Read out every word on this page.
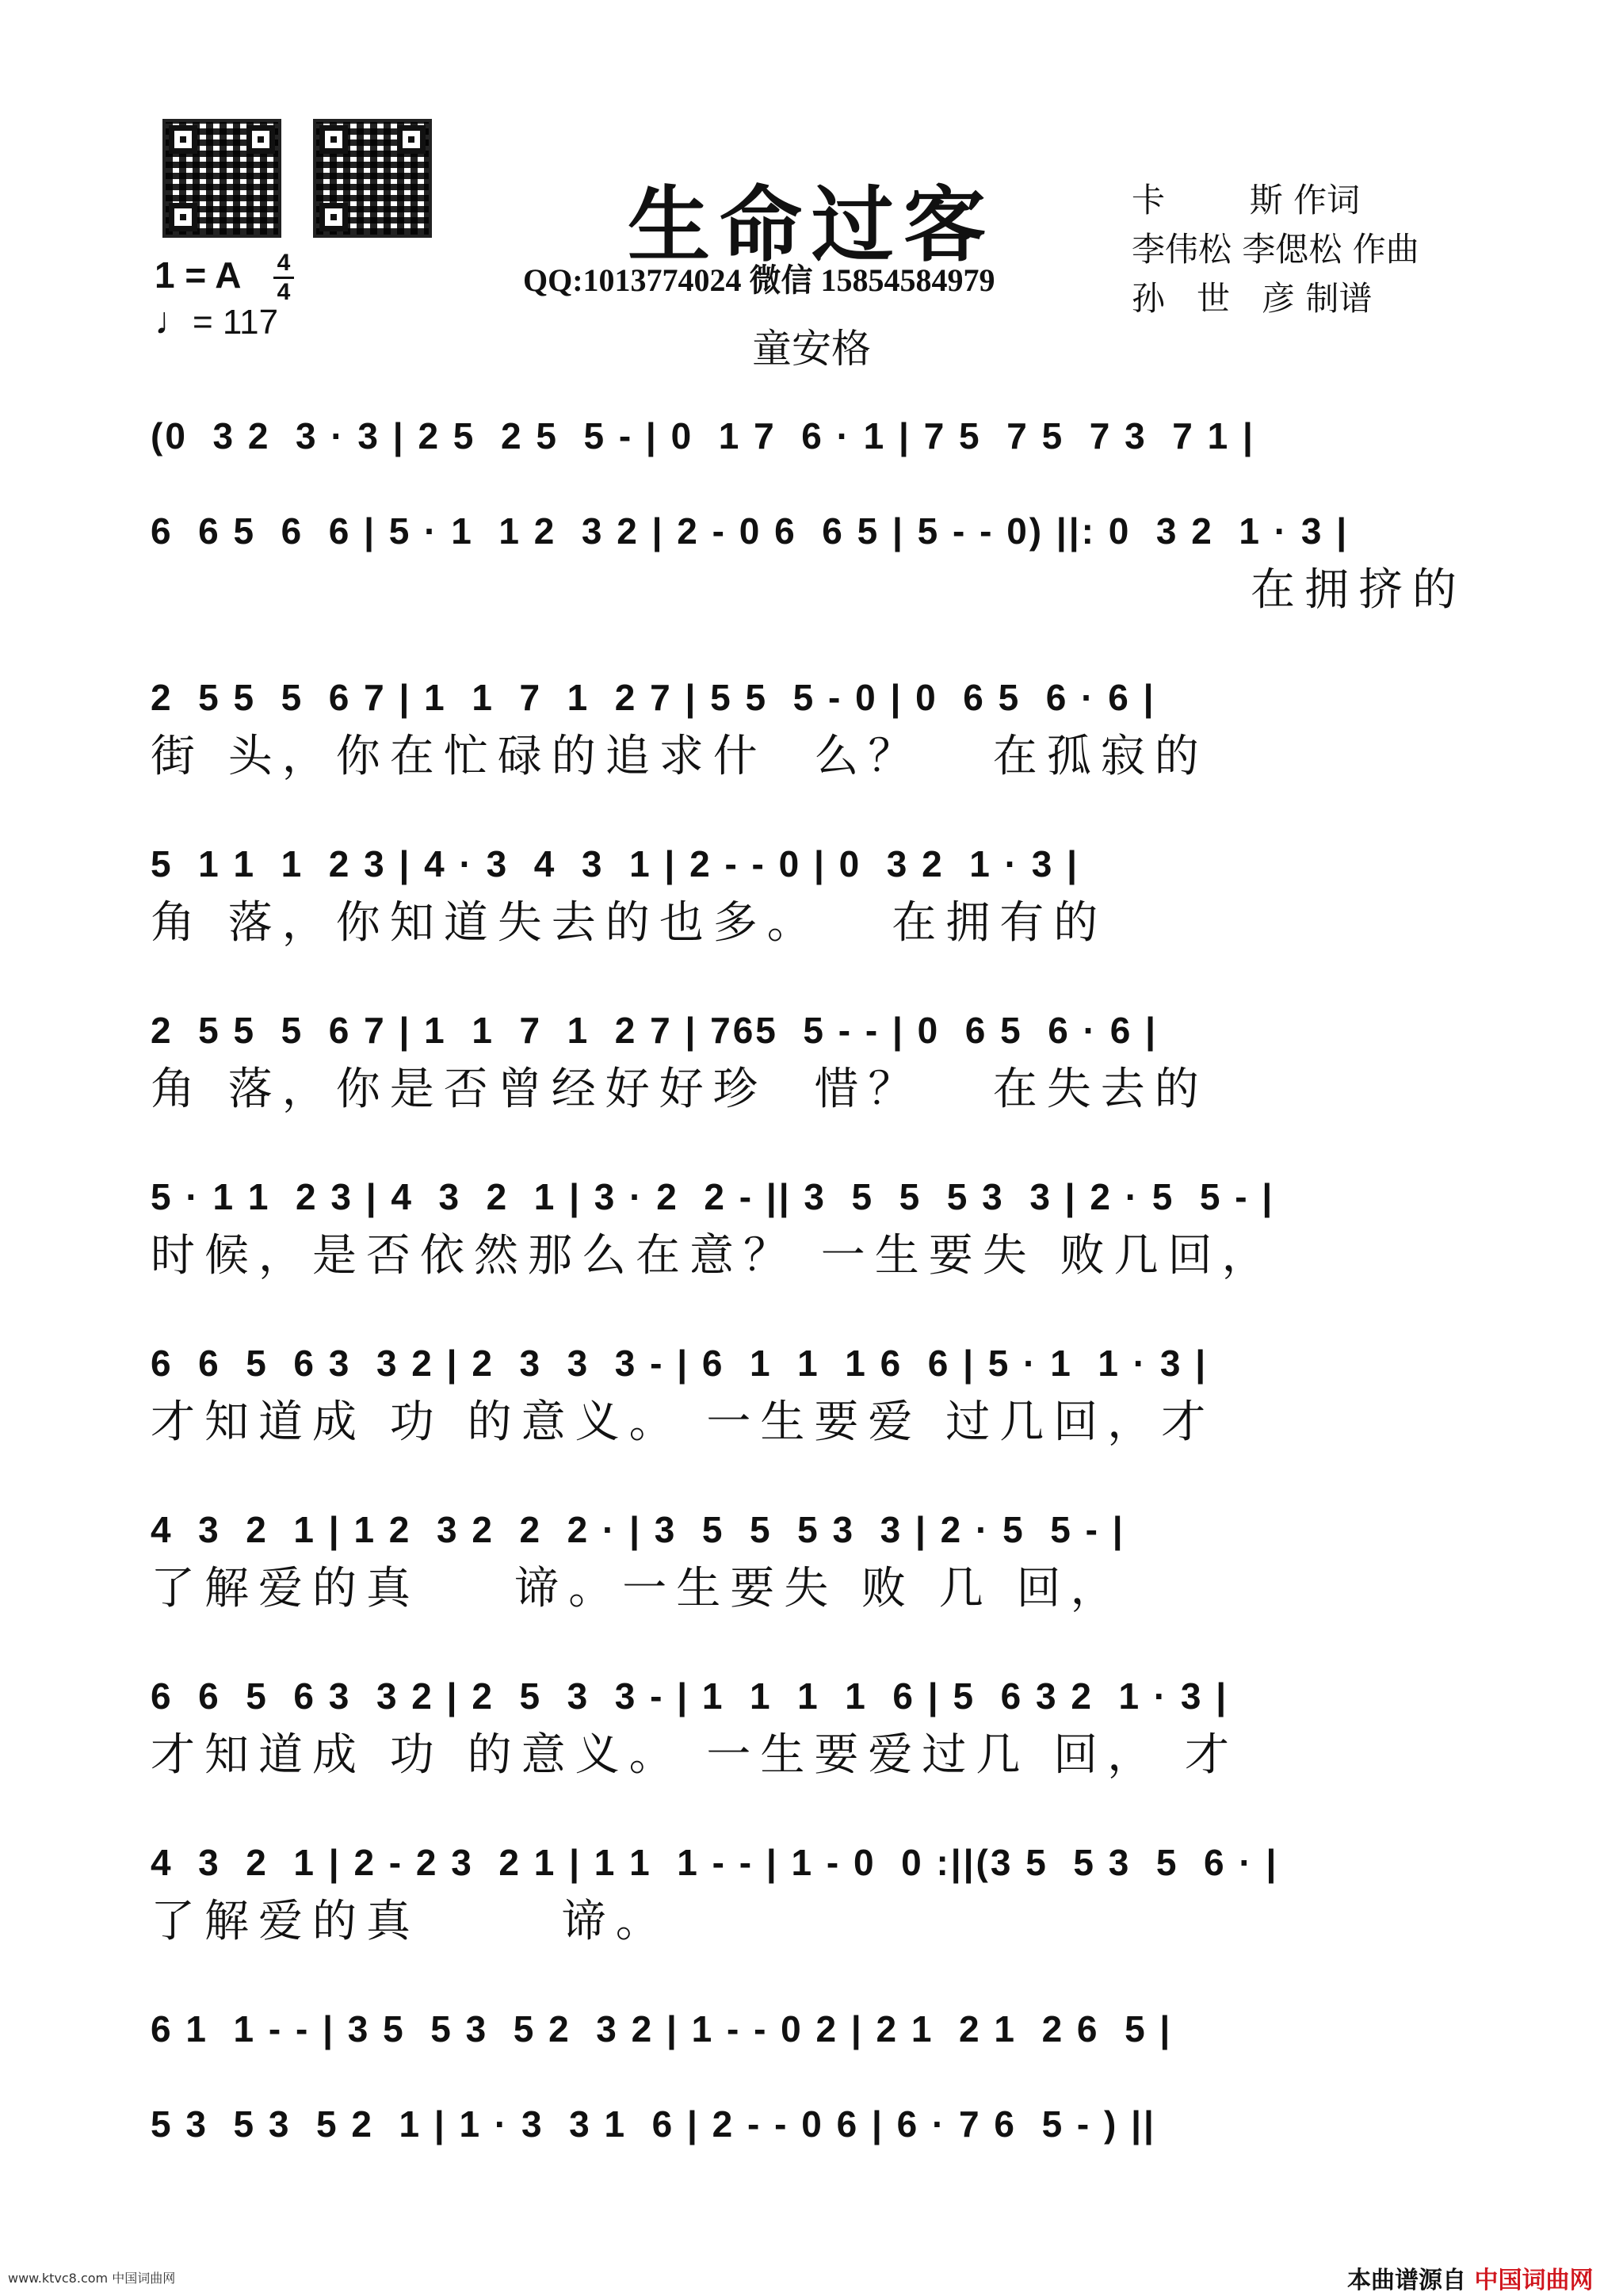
生命过客
QQ:1013774024 微信 15854584979
童安格
卡        斯 作词
李伟松 李偲松 作曲
孙   世   彦 制谱
1 = A 4
4
♩= 117
(0  3 2  3 · 3 | 2 5  2 5  5 - | 0  1 7  6 · 1 | 7 5  7 5  7 3  7 1 |
6  6 5  6  6 | 5 · 1  1 2  3 2 | 2 - 0 6  6 5 | 5 - - 0) ||: 0  3 2  1 · 3 |
在拥挤的
2  5 5  5  6 7 | 1  1  7  1  2 7 | 5 5  5 - 0 | 0  6 5  6 · 6 |
街 头，你在忙碌的追求什  么？   在孤寂的
5  1 1  1  2 3 | 4 · 3  4  3  1 | 2 - - 0 | 0  3 2  1 · 3 |
角 落，你知道失去的也多。   在拥有的
2  5 5  5  6 7 | 1  1  7  1  2 7 | 765  5 - - | 0  6 5  6 · 6 |
角 落，你是否曾经好好珍  惜？   在失去的
5 · 1 1  2 3 | 4  3  2  1 | 3 · 2  2 - || 3  5  5  5 3  3 | 2 · 5  5 - |
时候，是否依然那么在意？ 一生要失 败几回，
6  6  5  6 3  3 2 | 2  3  3  3 - | 6  1  1  1 6  6 | 5 · 1  1 · 3 |
才知道成 功 的意义。 一生要爱 过几回，才
4  3  2  1 | 1 2  3 2  2  2 · | 3  5  5  5 3  3 | 2 · 5  5 - |
了解爱的真    谛。一生要失 败 几 回，
6  6  5  6 3  3 2 | 2  5  3  3 - | 1  1  1  1  6 | 5  6 3 2  1 · 3 |
才知道成 功 的意义。 一生要爱过几 回， 才
4  3  2  1 | 2 - 2 3  2 1 | 1 1  1 - - | 1 - 0  0 :||(3 5  5 3  5  6 · |
了解爱的真      谛。
6 1  1 - - | 3 5  5 3  5 2  3 2 | 1 - - 0 2 | 2 1  2 1  2 6  5 |
5 3  5 3  5 2  1 | 1 · 3  3 1  6 | 2 - - 0 6 | 6 · 7 6  5 - ) ||
www.ktvc8.com 中国词曲网	本曲谱源自 中国词曲网
